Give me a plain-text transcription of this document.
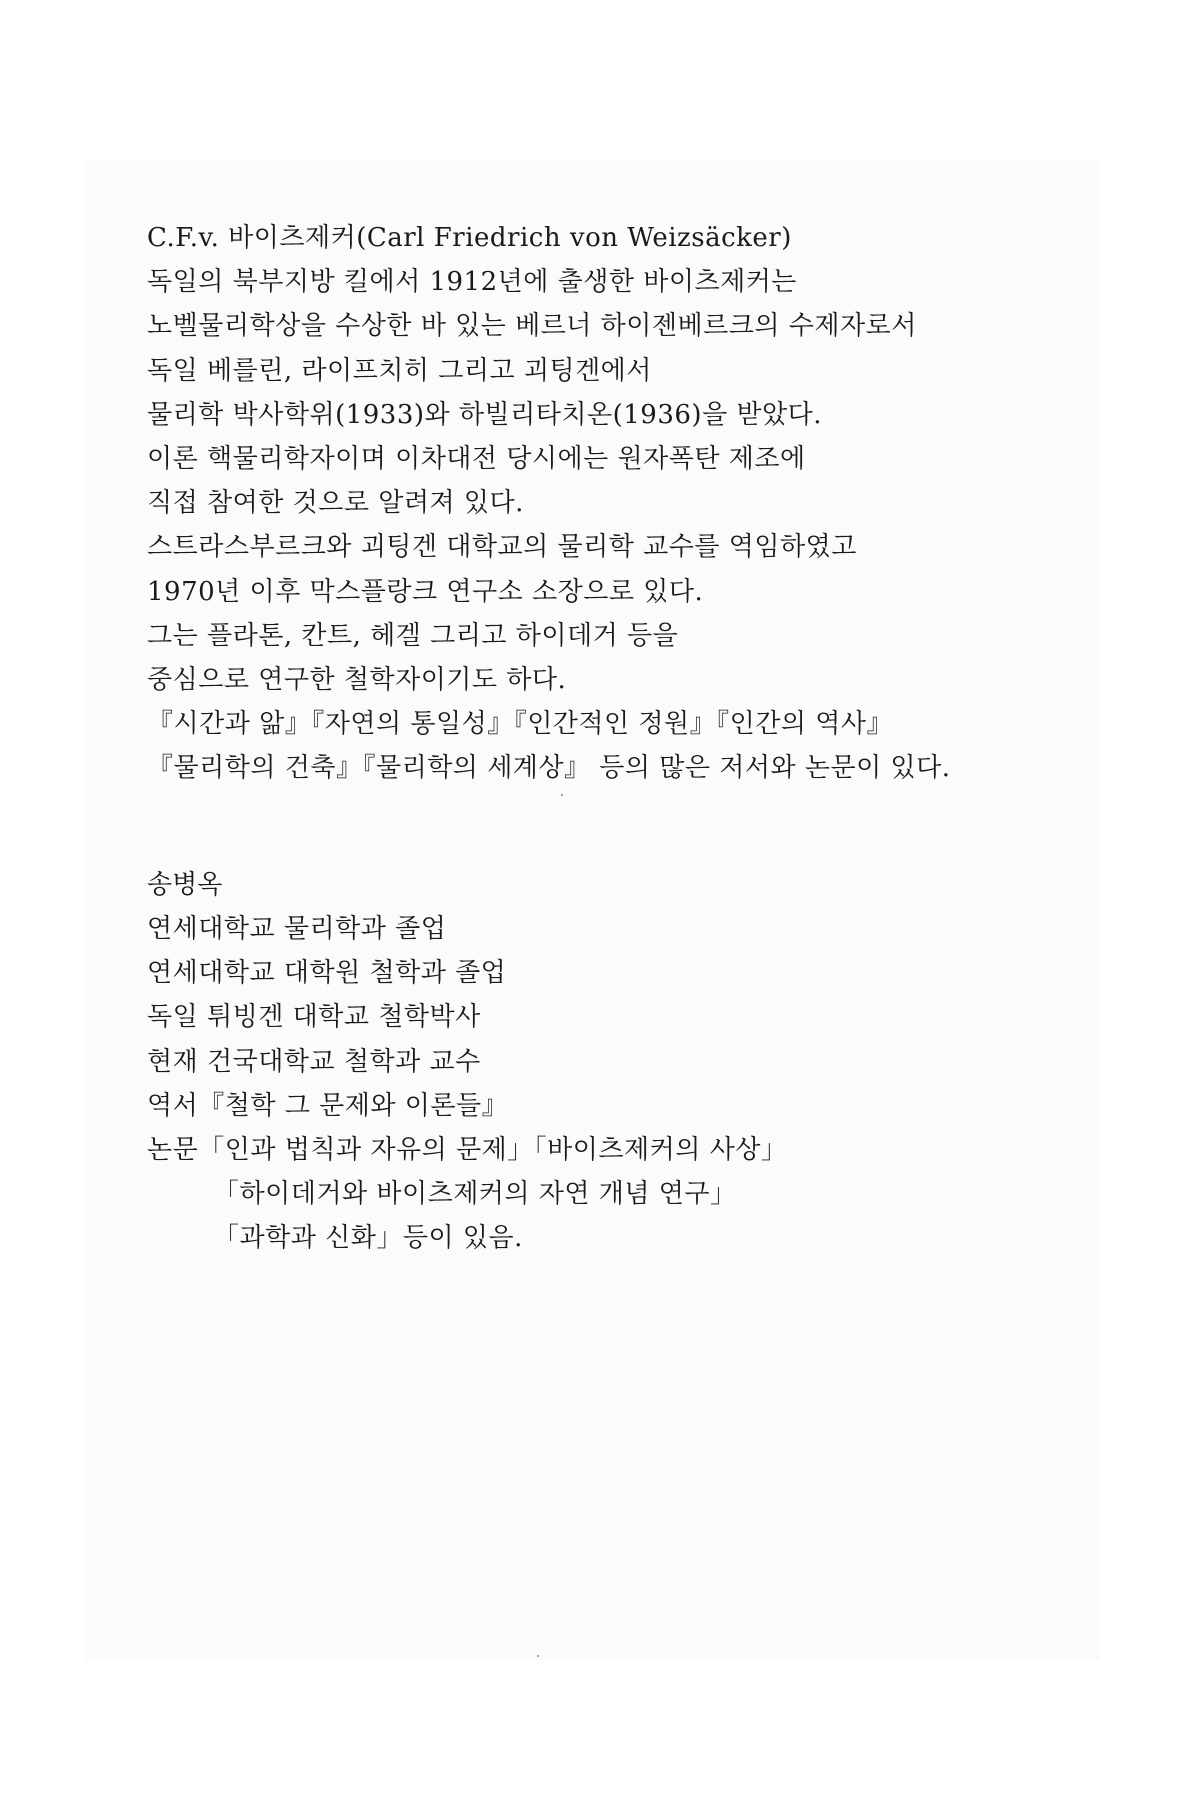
C.F.v. 바이츠제커(Carl Friedrich von Weizsäcker)
독일의 북부지방 킬에서 1912년에 출생한 바이츠제커는
노벨물리학상을 수상한 바 있는 베르너 하이젠베르크의 수제자로서
독일 베를린, 라이프치히 그리고 괴팅겐에서
물리학 박사학위(1933)와 하빌리타치온(1936)을 받았다.
이론 핵물리학자이며 이차대전 당시에는 원자폭탄 제조에
직접 참여한 것으로 알려져 있다.
스트라스부르크와 괴팅겐 대학교의 물리학 교수를 역임하였고
1970년 이후 막스플랑크 연구소 소장으로 있다.
그는 플라톤, 칸트, 헤겔 그리고 하이데거 등을
중심으로 연구한 철학자이기도 하다.
『시간과 앎』『자연의 통일성』『인간적인 정원』『인간의 역사』
『물리학의 건축』『물리학의 세계상』 등의 많은 저서와 논문이 있다.
송병옥
연세대학교 물리학과 졸업
연세대학교 대학원 철학과 졸업
독일 튀빙겐 대학교 철학박사
현재 건국대학교 철학과 교수
역서『철학 그 문제와 이론들』
논문「인과 법칙과 자유의 문제」「바이츠제커의 사상」
「하이데거와 바이츠제커의 자연 개념 연구」
「과학과 신화」등이 있음.
